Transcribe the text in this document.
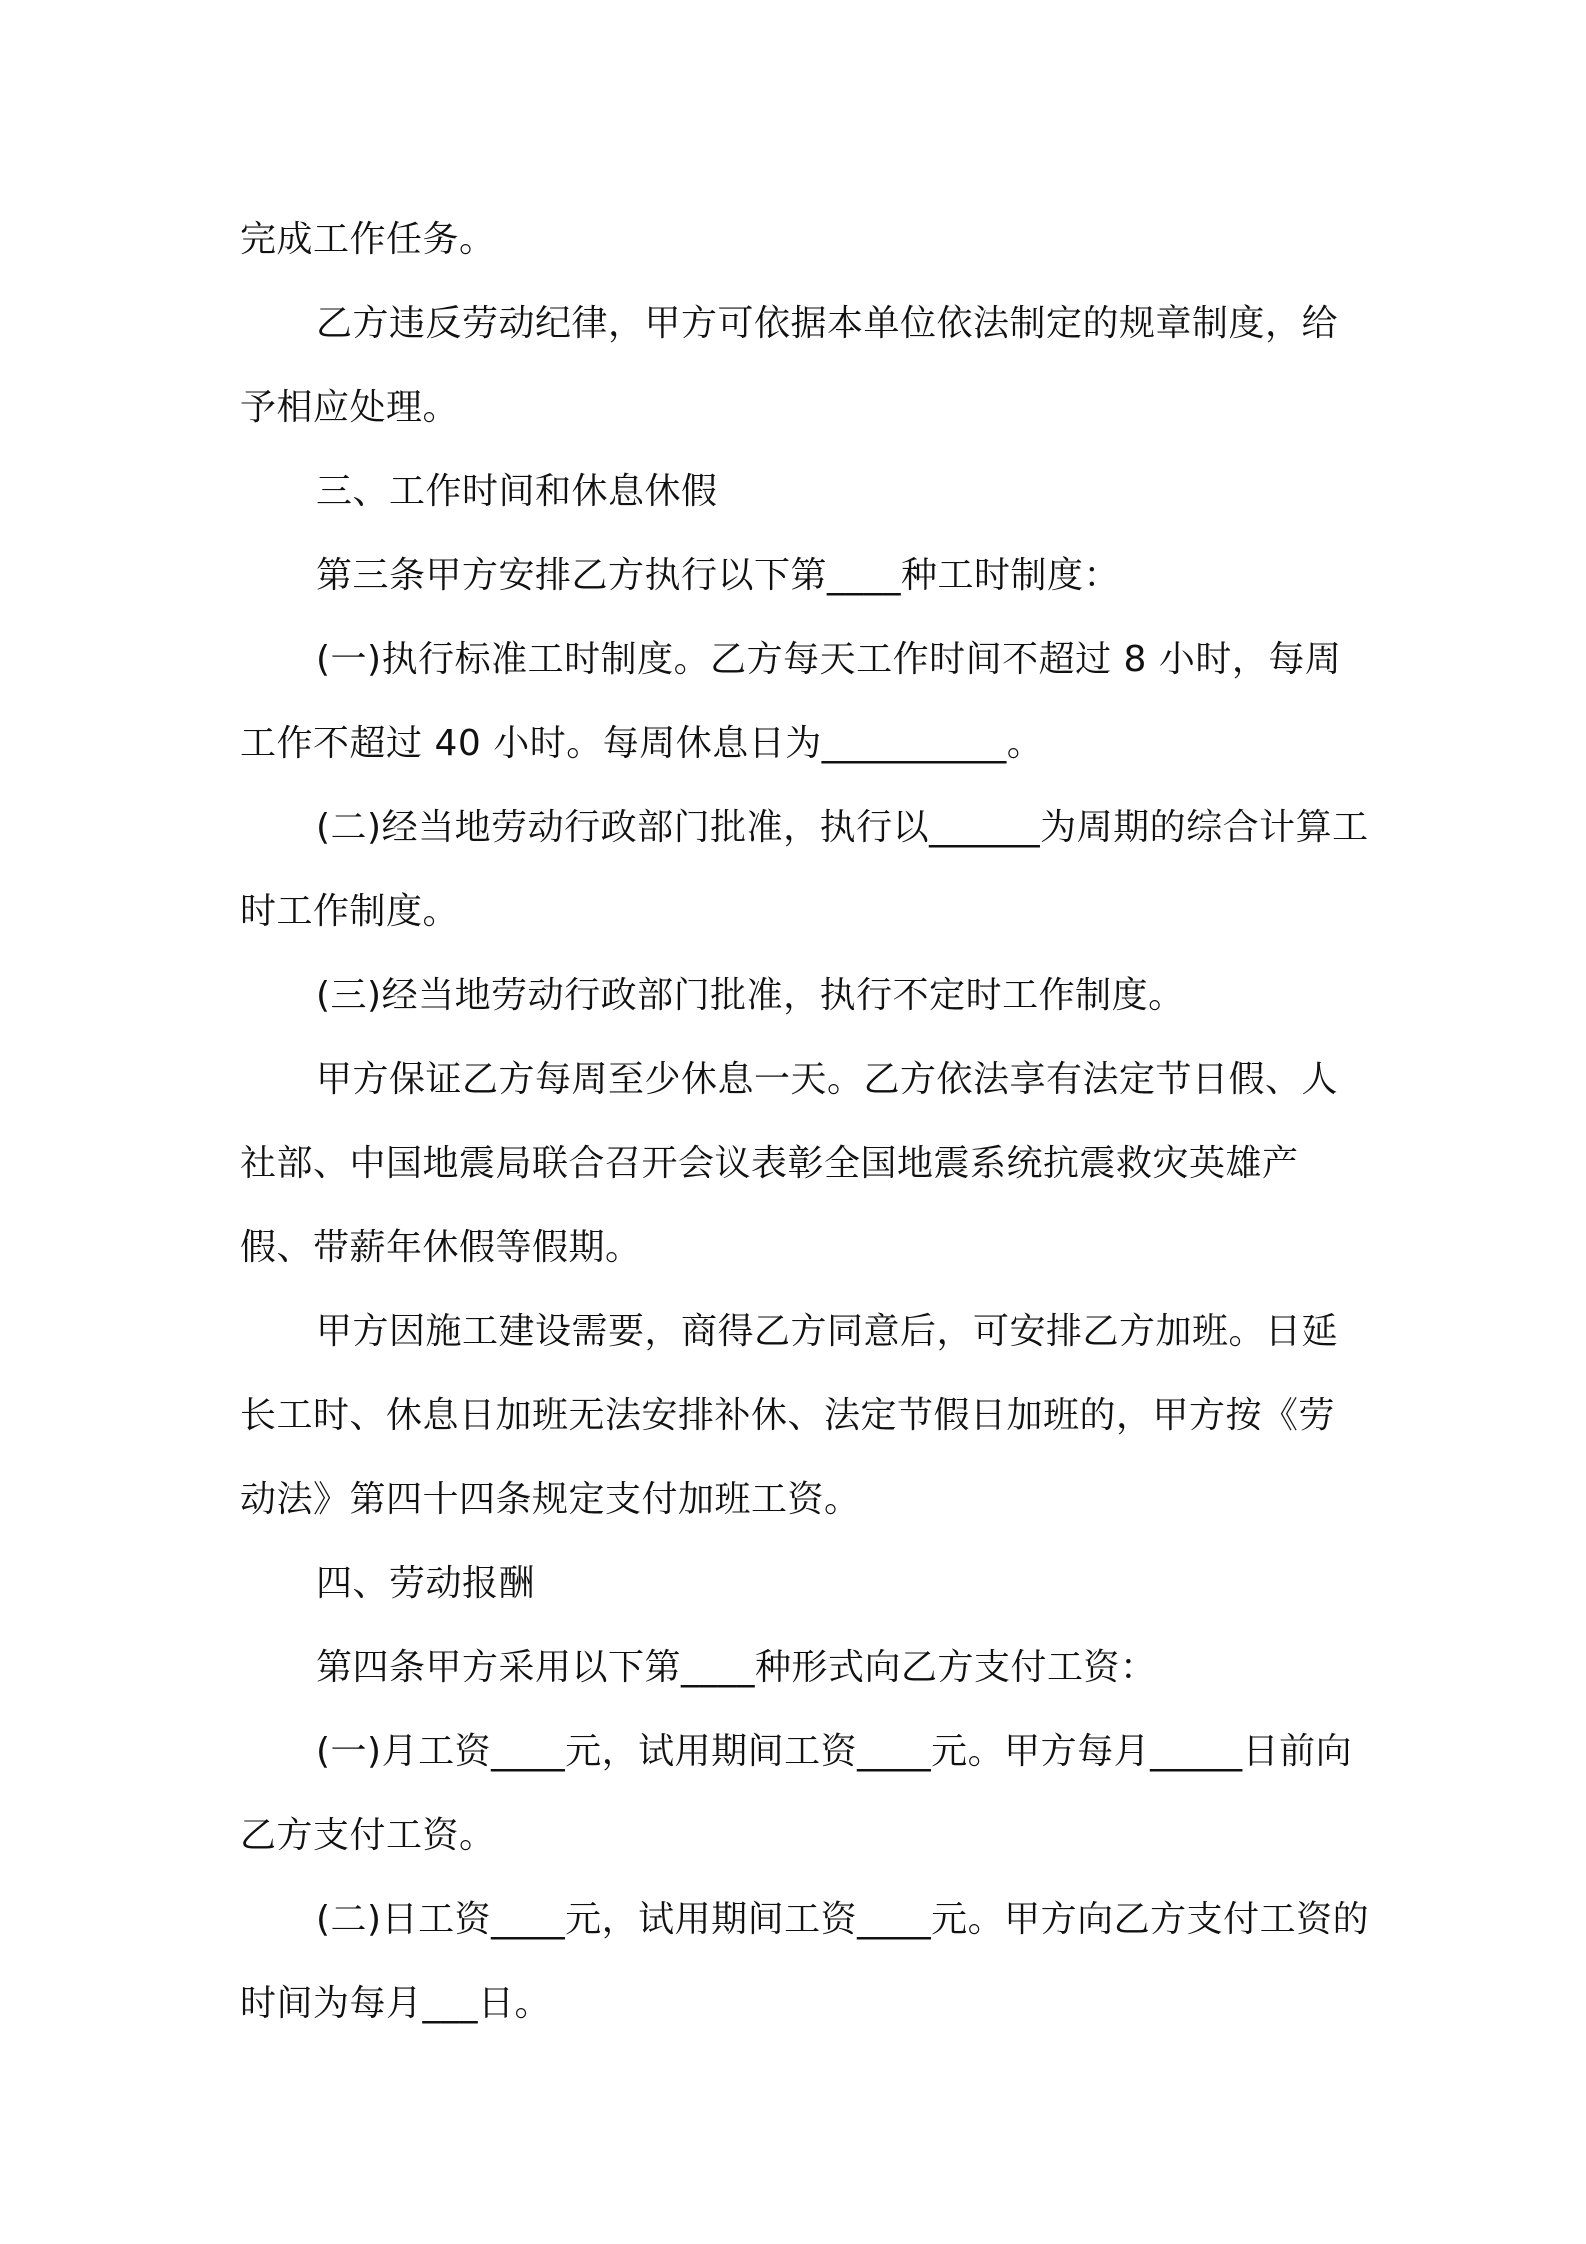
完成工作任务。

乙方违反劳动纪律，甲方可依据本单位依法制定的规章制度，给予相应处理。

三、工作时间和休息休假

第三条甲方安排乙方执行以下第____种工时制度：

(一)执行标准工时制度。乙方每天工作时间不超过 8 小时，每周工作不超过 40 小时。每周休息日为__________。

(二)经当地劳动行政部门批准，执行以______为周期的综合计算工时工作制度。

(三)经当地劳动行政部门批准，执行不定时工作制度。

甲方保证乙方每周至少休息一天。乙方依法享有法定节日假、人社部、中国地震局联合召开会议表彰全国地震系统抗震救灾英雄产假、带薪年休假等假期。

甲方因施工建设需要，商得乙方同意后，可安排乙方加班。日延长工时、休息日加班无法安排补休、法定节假日加班的，甲方按《劳动法》第四十四条规定支付加班工资。

四、劳动报酬

第四条甲方采用以下第____种形式向乙方支付工资：

(一)月工资____元，试用期间工资____元。甲方每月_____日前向乙方支付工资。

(二)日工资____元，试用期间工资____元。甲方向乙方支付工资的时间为每月___日。
